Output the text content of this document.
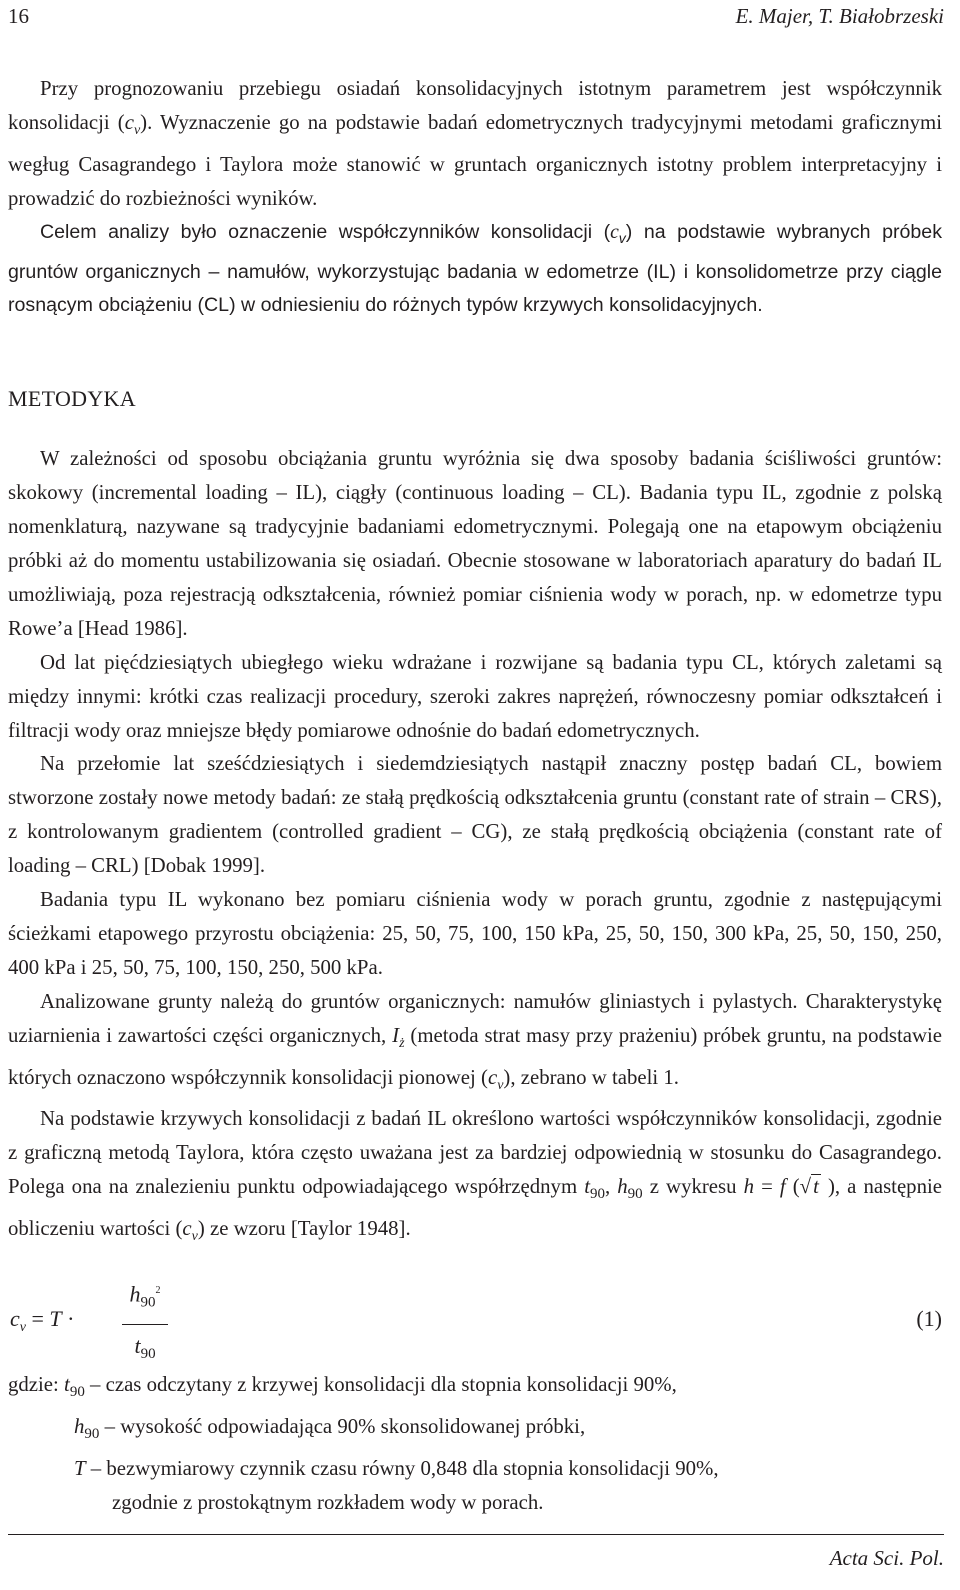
16	E. Majer, T. Białobrzeski

Przy prognozowaniu przebiegu osiadań konsolidacyjnych istotnym parametrem jest współczynnik konsolidacji $(c_v)$. Wyznaczenie go na podstawie badań edometrycznych tradycyjnymi metodami graficznymi wegług Casagrandego i Taylora może stanowić w gruntach organicznych istotny problem interpretacyjny i prowadzić do rozbieżności wyników.

Celem analizy było oznaczenie współczynników konsolidacji $(c_v)$ na podstawie wybranych próbek gruntów organicznych – namułów, wykorzystując badania w edometrze (IL) i konsolidometrze przy ciągle rosnącym obciążeniu (CL) w odniesieniu do różnych typów krzywych konsolidacyjnych.

METODYKA

W zależności od sposobu obciążania gruntu wyróżnia się dwa sposoby badania ściśliwości gruntów: skokowy (incremental loading – IL), ciągły (continuous loading – CL). Badania typu IL, zgodnie z polską nomenklaturą, nazywane są tradycyjnie badaniami edometrycznymi. Polegają one na etapowym obciążeniu próbki aż do momentu ustabilizowania się osiadań. Obecnie stosowane w laboratoriach aparatury do badań IL umożliwiają, poza rejestracją odkształcenia, również pomiar ciśnienia wody w porach, np. w edometrze typu Rowe’a [Head 1986].

Od lat pięćdziesiątych ubiegłego wieku wdrażane i rozwijane są badania typu CL, których zaletami są między innymi: krótki czas realizacji procedury, szeroki zakres naprężeń, równoczesny pomiar odkształceń i filtracji wody oraz mniejsze błędy pomiarowe odnośnie do badań edometrycznych.

Na przełomie lat sześćdziesiątych i siedemdziesiątych nastąpił znaczny postęp badań CL, bowiem stworzone zostały nowe metody badań: ze stałą prędkością odkształcenia gruntu (constant rate of strain – CRS), z kontrolowanym gradientem (controlled gradient – CG), ze stałą prędkością obciążenia (constant rate of loading – CRL) [Dobak 1999].

Badania typu IL wykonano bez pomiaru ciśnienia wody w porach gruntu, zgodnie z następującymi ścieżkami etapowego przyrostu obciążenia: 25, 50, 75, 100, 150 kPa, 25, 50, 150, 300 kPa, 25, 50, 150, 250, 400 kPa i 25, 50, 75, 100, 150, 250, 500 kPa.

Analizowane grunty należą do gruntów organicznych: namułów gliniastych i pylastych. Charakterystykę uziarnienia i zawartości części organicznych, $I_ż$ (metoda strat masy przy prażeniu) próbek gruntu, na podstawie których oznaczono współczynnik konsolidacji pionowej $(c_v)$, zebrano w tabeli 1.

Na podstawie krzywych konsolidacji z badań IL określono wartości współczynników konsolidacji, zgodnie z graficzną metodą Taylora, która często uważana jest za bardziej odpowiednią w stosunku do Casagrandego. Polega ona na znalezieniu punktu odpowiadającego współrzędnym $t_{90}$, $h_{90}$ z wykresu h = f (√t ), a następnie obliczeniu wartości $(c_v)$ ze wzoru [Taylor 1948].

$c_v = T \cdot \frac{h_{90}^2}{t_{90}}$	(1)

gdzie: $t_{90}$ – czas odczytany z krzywej konsolidacji dla stopnia konsolidacji 90%,

$h_{90}$ – wysokość odpowiadająca 90% skonsolidowanej próbki,

T – bezwymiarowy czynnik czasu równy 0,848 dla stopnia konsolidacji 90%,

zgodnie z prostokątnym rozkładem wody w porach.

Acta Sci. Pol.
